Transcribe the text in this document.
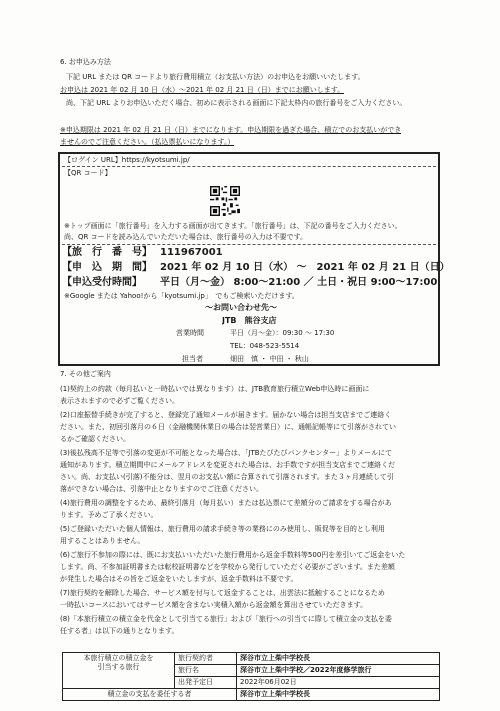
6. お申込み方法
下記 URL または QR コードより旅行費用積立（お支払い方法）のお申込をお願いいたします。
お申込は 2021 年 02 月 10 日（水）～2021 年 02 月 21 日（日）までにお願いします。
尚、下記 URL よりお申込いただく場合、初めに表示される画面に下記太枠内の旅行番号をご入力ください。
※申込期限は 2021 年 02 月 21 日（日）までになります。申込期限を過ぎた場合、積立でのお支払いができ
ませんのでご注意ください。（払込票払いになります。）
【ログイン URL】https://kyotsumi.jp/
【QR コード】
※トップ画面に「旅行番号」を入力する画面が出てきます。「旅行番号」は、下記の番号をご入力ください。
尚、QR コードを読み込んでいただいた場合は、旅行番号の入力は不要です。
【旅　行　番　号】 111967001
【申　込　期　間】 2021 年 02 月 10 日（水） ～　2021 年 02 月 21 日（日）
【申込受付時間】 平日（月～金） 8:00～21:00 ／ 土日・祝日 9:00～17:00
※Google または Yahoo!から「kyotsumi.jp」　でもご検索いただけます。
～お問い合わせ先～
JTB　熊谷支店
営業時間	平日（月～金）：09:30 ～ 17:30
TEL：048-523-5514
担当者	畑田　慎 ・ 中田 ・ 秋山
7. その他ご案内
(1)契約上の約款（毎月払いと一時払いでは異なります）は、JTB教育旅行積立Web申込時に画面に
表示されますので必ずご覧ください。
(2)口座振替手続きが完了すると、登録完了通知メールが届きます。届かない場合は担当支店までご連絡く
ださい。また、初回引落月の６日（金融機関休業日の場合は翌営業日）に、通帳記帳等にて引落がされてい
るかご確認ください。
(3)後払残高不足等で引落の変更が不可能となった場合は、「JTBたびたびバンクセンター」よりメールにて
通知があります。積立期間中にメールアドレスを変更された場合は、お手数ですが担当支店までご連絡くだ
さい。尚、お支払い(引落)不能分は、翌月のお支払い額に合算されて引落されます。また３ヶ月連続して引
落ができない場合は、引落中止となりますのでご注意ください。
(4)旅行費用の調整をするため、最終引落月（毎月払い）または払込票にて差額分のご請求をする場合があ
ります。予めご了承ください。
(5)ご登録いただいた個人情報は、旅行費用の請求手続き等の業務にのみ使用し、販促等を目的とし利用
用することはありません。
(6)ご旅行不参加の際には、既にお支払いいただいた旅行費用から返金手数料等500円を差引いてご返金をいた
します。尚、不参加証明書または転校証明書などを学校から発行していただく必要がございます。また差額
が発生した場合はその旨をご返金をいたしますが、返金手数料は不要です。
(7)旅行契約を解除した場合、サービス額を付与して返金することは、出雲法に抵触することになるため
一時払いコースにおいてはサービス額を含まない実積入額から返金額を算出させていただきます。
(8)「本旅行積立の積立金を代金として引当てる旅行」および「旅行への引当てに際して積立金の支払を委
任する者」は以下の通りとなります。
本旅行積立の積立金を
引当する旅行	旅行契約者	深谷市立上柴中学校長
	旅行名	深谷市立上柴中学校／2022年度修学旅行
	出発予定日	2022年06月02日
積立金の支払を委任する者		深谷市立上柴中学校長
